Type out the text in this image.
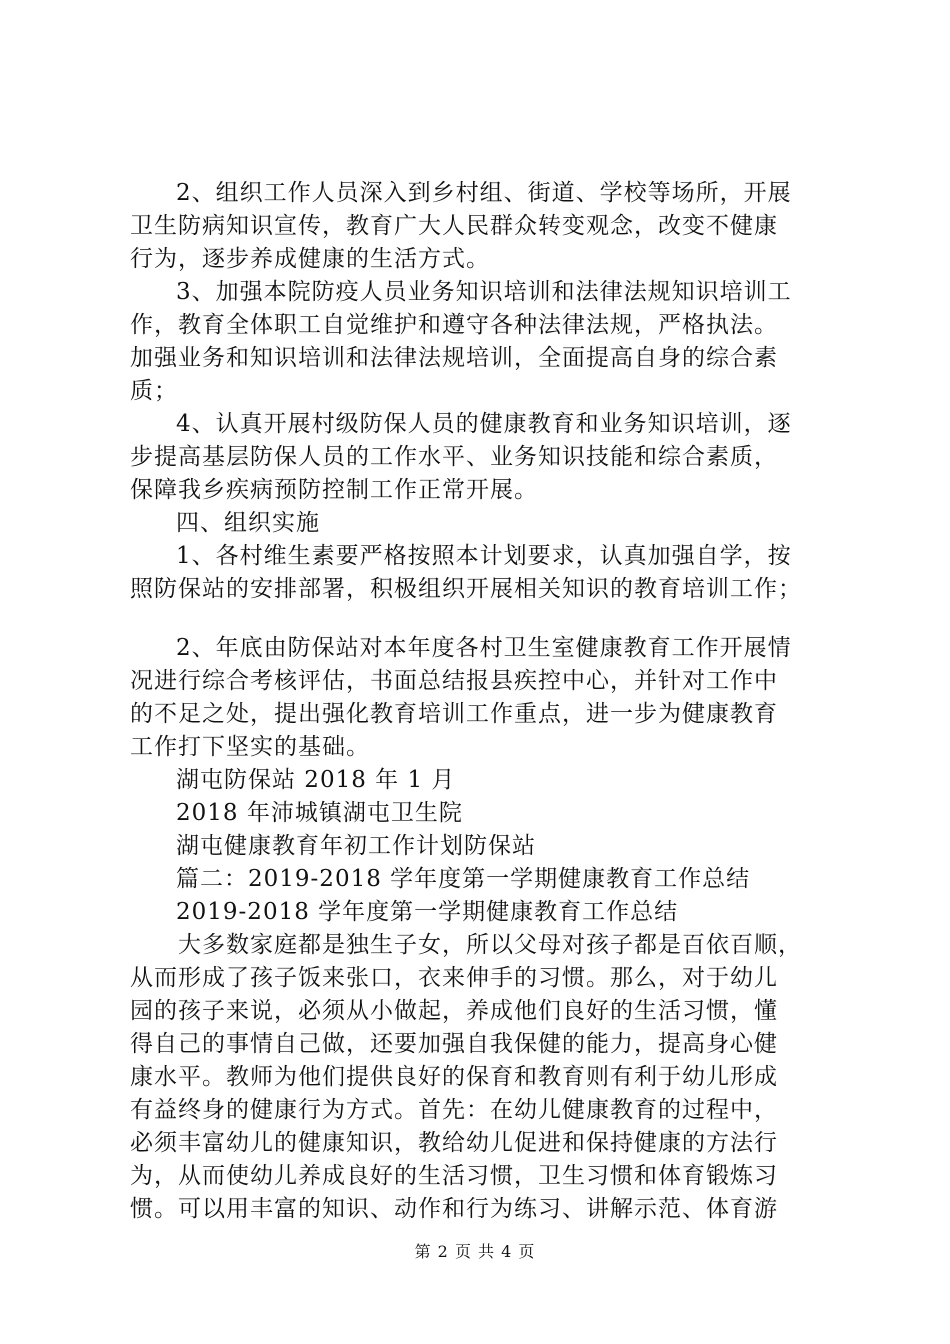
2、组织工作人员深入到乡村组、街道、学校等场所，开展
卫生防病知识宣传，教育广大人民群众转变观念，改变不健康
行为，逐步养成健康的生活方式。
3、加强本院防疫人员业务知识培训和法律法规知识培训工
作，教育全体职工自觉维护和遵守各种法律法规，严格执法。
加强业务和知识培训和法律法规培训，全面提高自身的综合素
质；
4、认真开展村级防保人员的健康教育和业务知识培训，逐
步提高基层防保人员的工作水平、业务知识技能和综合素质，
保障我乡疾病预防控制工作正常开展。
四、组织实施
1、各村维生素要严格按照本计划要求，认真加强自学，按
照防保站的安排部署，积极组织开展相关知识的教育培训工作；
2、年底由防保站对本年度各村卫生室健康教育工作开展情
况进行综合考核评估，书面总结报县疾控中心，并针对工作中
的不足之处，提出强化教育培训工作重点，进一步为健康教育
工作打下坚实的基础。
湖屯防保站 2018 年 1 月
2018 年沛城镇湖屯卫生院
湖屯健康教育年初工作计划防保站
篇二：2019-2018 学年度第一学期健康教育工作总结
2019-2018 学年度第一学期健康教育工作总结
大多数家庭都是独生子女，所以父母对孩子都是百依百顺，
从而形成了孩子饭来张口，衣来伸手的习惯。那么，对于幼儿
园的孩子来说，必须从小做起，养成他们良好的生活习惯，懂
得自己的事情自己做，还要加强自我保健的能力，提高身心健
康水平。教师为他们提供良好的保育和教育则有利于幼儿形成
有益终身的健康行为方式。首先：在幼儿健康教育的过程中，
必须丰富幼儿的健康知识，教给幼儿促进和保持健康的方法行
为，从而使幼儿养成良好的生活习惯，卫生习惯和体育锻炼习
惯。可以用丰富的知识、动作和行为练习、讲解示范、体育游
第 2 页 共 4 页
